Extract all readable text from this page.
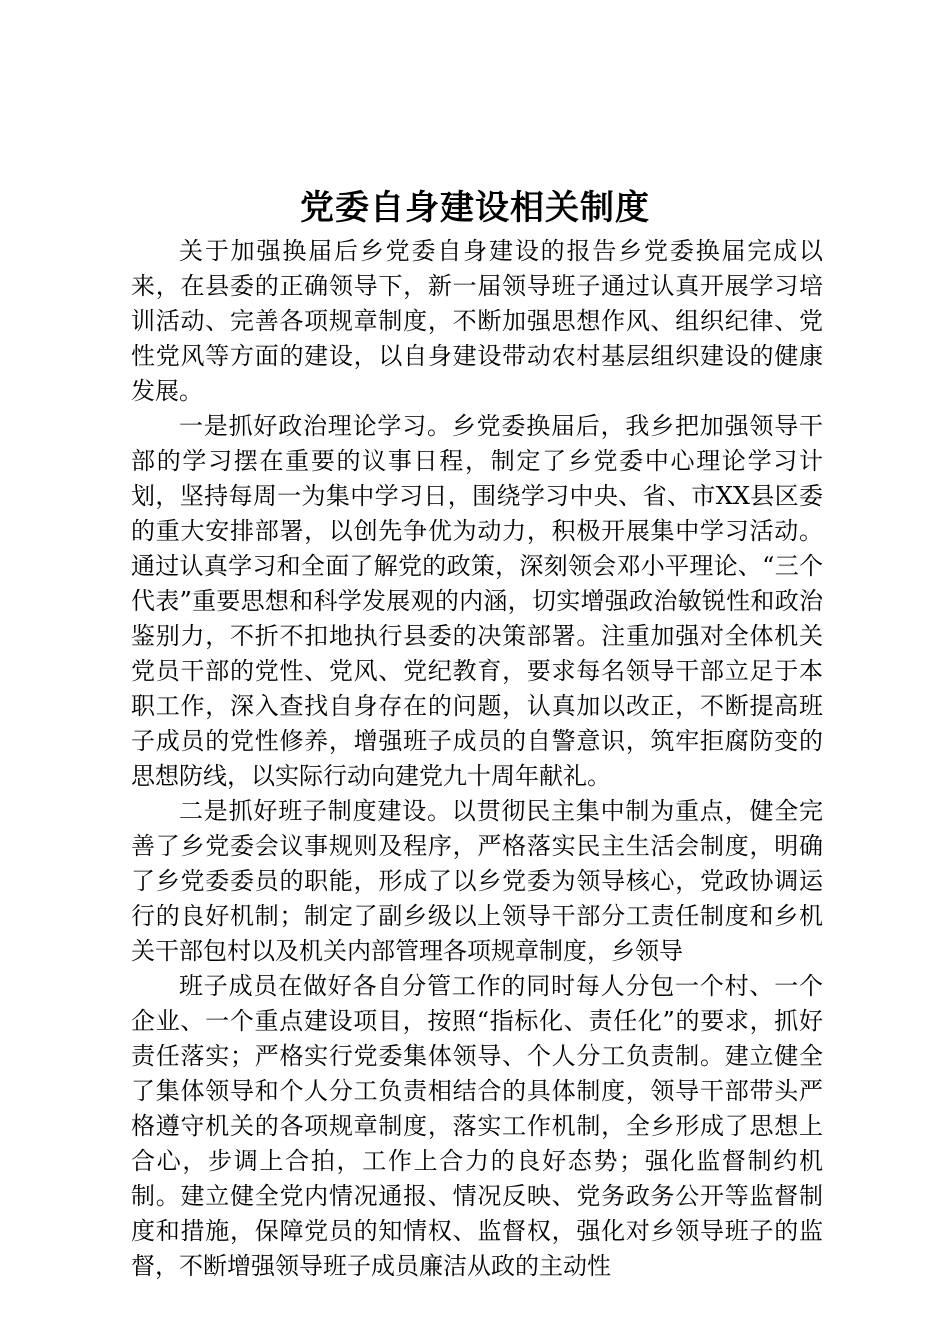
党委自身建设相关制度

关于加强换届后乡党委自身建设的报告乡党委换届完成以来，在县委的正确领导下，新一届领导班子通过认真开展学习培训活动、完善各项规章制度，不断加强思想作风、组织纪律、党性党风等方面的建设，以自身建设带动农村基层组织建设的健康发展。

一是抓好政治理论学习。乡党委换届后，我乡把加强领导干部的学习摆在重要的议事日程，制定了乡党委中心理论学习计划，坚持每周一为集中学习日，围绕学习中央、省、市XX县区委的重大安排部署，以创先争优为动力，积极开展集中学习活动。通过认真学习和全面了解党的政策，深刻领会邓小平理论、“三个代表”重要思想和科学发展观的内涵，切实增强政治敏锐性和政治鉴别力，不折不扣地执行县委的决策部署。注重加强对全体机关党员干部的党性、党风、党纪教育，要求每名领导干部立足于本职工作，深入查找自身存在的问题，认真加以改正，不断提高班子成员的党性修养，增强班子成员的自警意识，筑牢拒腐防变的思想防线，以实际行动向建党九十周年献礼。

二是抓好班子制度建设。以贯彻民主集中制为重点，健全完善了乡党委会议事规则及程序，严格落实民主生活会制度，明确了乡党委委员的职能，形成了以乡党委为领导核心，党政协调运行的良好机制；制定了副乡级以上领导干部分工责任制度和乡机关干部包村以及机关内部管理各项规章制度，乡领导

班子成员在做好各自分管工作的同时每人分包一个村、一个企业、一个重点建设项目，按照“指标化、责任化”的要求，抓好责任落实；严格实行党委集体领导、个人分工负责制。建立健全了集体领导和个人分工负责相结合的具体制度，领导干部带头严格遵守机关的各项规章制度，落实工作机制，全乡形成了思想上合心，步调上合拍，工作上合力的良好态势；强化监督制约机制。建立健全党内情况通报、情况反映、党务政务公开等监督制度和措施，保障党员的知情权、监督权，强化对乡领导班子的监督，不断增强领导班子成员廉洁从政的主动性
